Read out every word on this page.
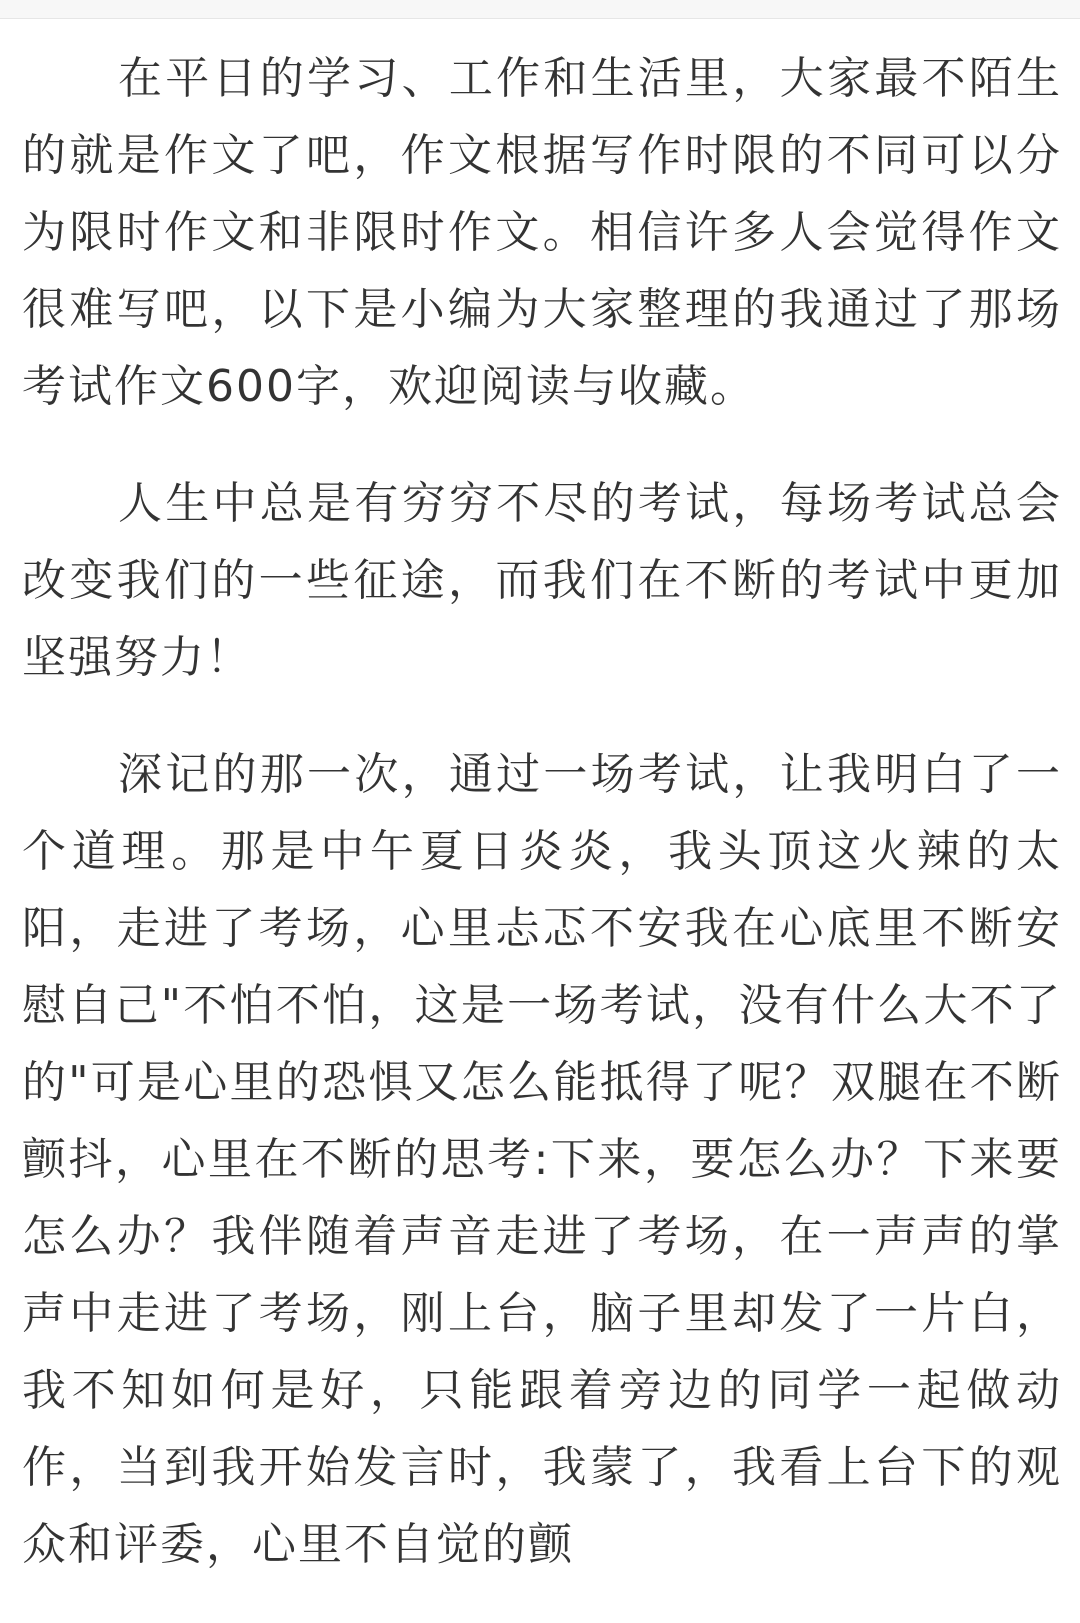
在平日的学习、工作和生活里，大家最不陌生的就是作文了吧，作文根据写作时限的不同可以分为限时作文和非限时作文。相信许多人会觉得作文很难写吧，以下是小编为大家整理的我通过了那场考试作文600字，欢迎阅读与收藏。

人生中总是有穷穷不尽的考试，每场考试总会改变我们的一些征途，而我们在不断的考试中更加坚强努力！

深记的那一次，通过一场考试，让我明白了一个道理。那是中午夏日炎炎，我头顶这火辣的太阳，走进了考场，心里忐忑不安我在心底里不断安慰自己"不怕不怕，这是一场考试，没有什么大不了的"可是心里的恐惧又怎么能抵得了呢？双腿在不断颤抖，心里在不断的思考:下来，要怎么办？下来要怎么办？我伴随着声音走进了考场，在一声声的掌声中走进了考场，刚上台，脑子里却发了一片白，我不知如何是好，只能跟着旁边的同学一起做动作，当到我开始发言时，我蒙了，我看上台下的观众和评委，心里不自觉的颤
